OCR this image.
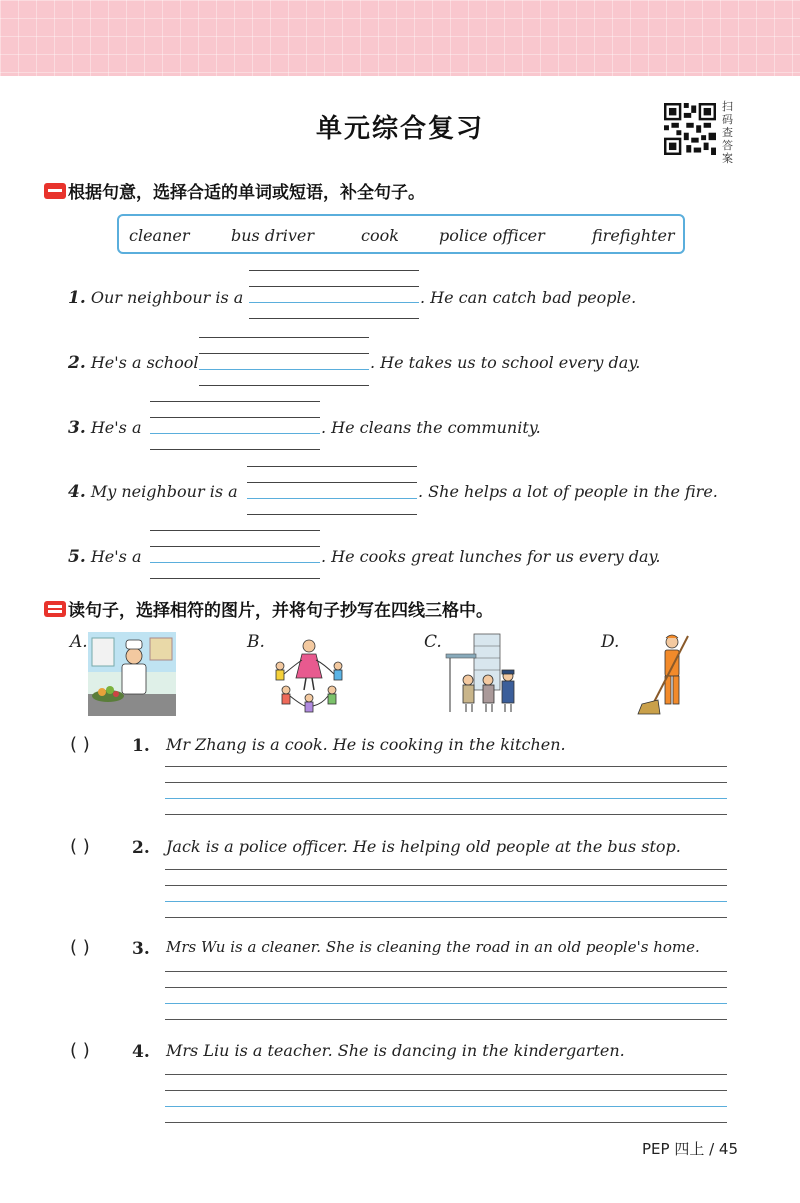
单元综合复习
扫码查答案
根据句意，选择合适的单词或短语，补全句子。
cleaner	bus driver	cook	police officer	firefighter
1. Our neighbour is a	. He can catch bad people.
2. He's a school	. He takes us to school every day.
3. He's a	. He cleans the community.
4. My neighbour is a	. She helps a lot of people in the fire.
5. He's a	. He cooks great lunches for us every day.
读句子，选择相符的图片，并将句子抄写在四线三格中。
A.	B.	C.	D.
( ) 1. Mr Zhang is a cook. He is cooking in the kitchen.
( ) 2. Jack is a police officer. He is helping old people at the bus stop.
( ) 3. Mrs Wu is a cleaner. She is cleaning the road in an old people's home.
( ) 4. Mrs Liu is a teacher. She is dancing in the kindergarten.
PEP 四上 / 45
